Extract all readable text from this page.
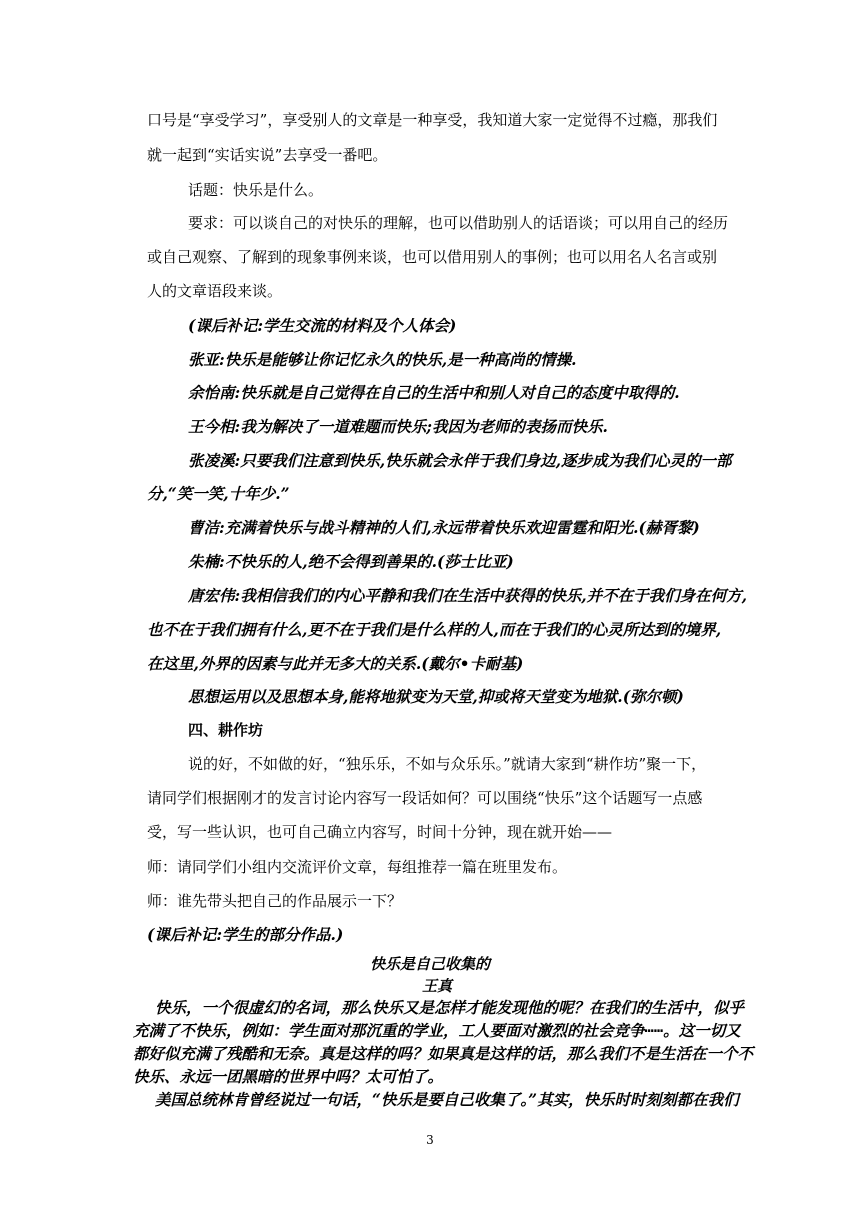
口号是“享受学习”，享受别人的文章是一种享受，我知道大家一定觉得不过瘾，那我们
就一起到“实话实说”去享受一番吧。
话题：快乐是什么。
要求：可以谈自己的对快乐的理解，也可以借助别人的话语谈；可以用自己的经历
或自己观察、了解到的现象事例来谈，也可以借用别人的事例；也可以用名人名言或别
人的文章语段来谈。
(课后补记:学生交流的材料及个人体会)
张亚:快乐是能够让你记忆永久的快乐,是一种高尚的情操.
余怡南:快乐就是自己觉得在自己的生活中和别人对自己的态度中取得的.
王今相:我为解决了一道难题而快乐;我因为老师的表扬而快乐.
张凌溪:只要我们注意到快乐,快乐就会永伴于我们身边,逐步成为我们心灵的一部
分,“笑一笑,十年少.”
曹洁:充满着快乐与战斗精神的人们,永远带着快乐欢迎雷霆和阳光.(赫胥黎)
朱楠:不快乐的人,绝不会得到善果的.(莎士比亚)
唐宏伟:我相信我们的内心平静和我们在生活中获得的快乐,并不在于我们身在何方,
也不在于我们拥有什么,更不在于我们是什么样的人,而在于我们的心灵所达到的境界,
在这里,外界的因素与此并无多大的关系.(戴尔•卡耐基)
思想运用以及思想本身,能将地狱变为天堂,抑或将天堂变为地狱.(弥尔顿)
四、耕作坊
说的好，不如做的好，“独乐乐，不如与众乐乐。”就请大家到“耕作坊”聚一下，
请同学们根据刚才的发言讨论内容写一段话如何？可以围绕“快乐”这个话题写一点感
受，写一些认识，也可自己确立内容写，时间十分钟，现在就开始——
师：请同学们小组内交流评价文章，每组推荐一篇在班里发布。
师：谁先带头把自己的作品展示一下？
(课后补记:学生的部分作品.)
快乐是自己收集的
王真
快乐，一个很虚幻的名词，那么快乐又是怎样才能发现他的呢？在我们的生活中，似乎
充满了不快乐，例如：学生面对那沉重的学业，工人要面对激烈的社会竞争┅┅。这一切又
都好似充满了残酷和无奈。真是这样的吗？如果真是这样的话，那么我们不是生活在一个不
快乐、永远一团黑暗的世界中吗？太可怕了。
美国总统林肯曾经说过一句话，“快乐是要自己收集了。”其实，快乐时时刻刻都在我们
3
